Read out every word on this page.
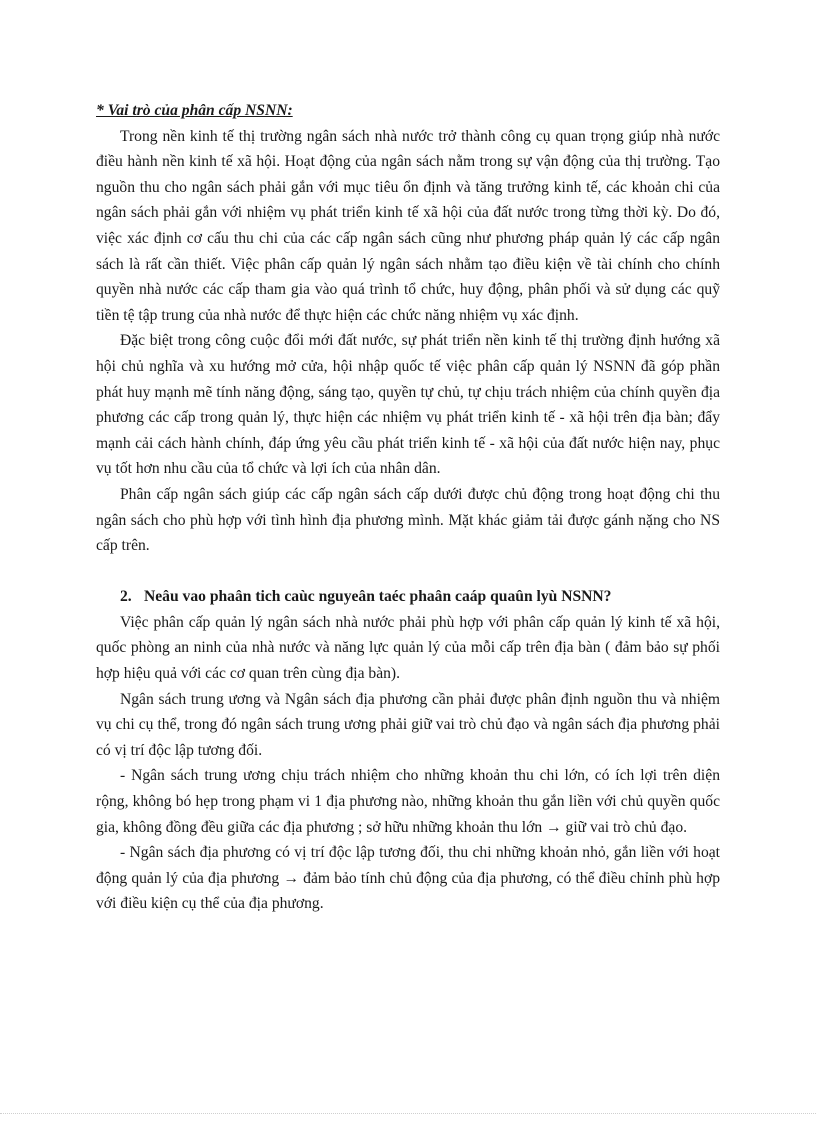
* Vai trò của phân cấp NSNN:

Trong nền kinh tế thị trường ngân sách nhà nước trở thành công cụ quan trọng giúp nhà nước điều hành nền kinh tế xã hội. Hoạt động của ngân sách nằm trong sự vận động của thị trường. Tạo nguồn thu cho ngân sách phải gắn với mục tiêu ổn định và tăng trưởng kinh tế, các khoản chi của ngân sách phải gắn với nhiệm vụ phát triển kinh tế xã hội của đất nước trong từng thời kỳ. Do đó, việc xác định cơ cấu thu chi của các cấp ngân sách cũng như phương pháp quản lý các cấp ngân sách là rất cần thiết. Việc phân cấp quản lý ngân sách nhằm tạo điều kiện về tài chính cho chính quyền nhà nước các cấp tham gia vào quá trình tổ chức, huy động, phân phối và sử dụng các quỹ tiền tệ tập trung của nhà nước để thực hiện các chức năng nhiệm vụ xác định.

Đặc biệt trong công cuộc đổi mới đất nước, sự phát triển nền kinh tế thị trường định hướng xã hội chủ nghĩa và xu hướng mở cửa, hội nhập quốc tế việc phân cấp quản lý NSNN đã góp phần phát huy mạnh mẽ tính năng động, sáng tạo, quyền tự chủ, tự chịu trách nhiệm của chính quyền địa phương các cấp trong quản lý, thực hiện các nhiệm vụ phát triển kinh tế - xã hội trên địa bàn; đẩy mạnh cải cách hành chính, đáp ứng yêu cầu phát triển kinh tế - xã hội của đất nước hiện nay, phục vụ tốt hơn nhu cầu của tổ chức và lợi ích của nhân dân.

Phân cấp ngân sách giúp các cấp ngân sách cấp dưới được chủ động trong hoạt động chi thu ngân sách cho phù hợp với tình hình địa phương mình. Mặt khác giảm tải được gánh nặng cho NS cấp trên.

2. Neâu vao phaân tich caùc nguyeân taéc phaân caáp quaûn lyù NSNN?

Việc phân cấp quản lý ngân sách nhà nước phải phù hợp với phân cấp quản lý kinh tế xã hội, quốc phòng an ninh của nhà nước và năng lực quản lý của mỗi cấp trên địa bàn ( đảm bảo sự phối hợp hiệu quả với các cơ quan trên cùng địa bàn).

Ngân sách trung ương và Ngân sách địa phương cần phải được phân định nguồn thu và nhiệm vụ chi cụ thể, trong đó ngân sách trung ương phải giữ vai trò chủ đạo và ngân sách địa phương phải có vị trí độc lập tương đối.

- Ngân sách trung ương chịu trách nhiệm cho những khoản thu chi lớn, có ích lợi trên diện rộng, không bó hẹp trong phạm vi 1 địa phương nào, những khoản thu gắn liền với chủ quyền quốc gia, không đồng đều giữa các địa phương ; sở hữu những khoản thu lớn → giữ vai trò chủ đạo.

- Ngân sách địa phương có vị trí độc lập tương đối, thu chi những khoản nhỏ, gắn liền với hoạt động quản lý của địa phương → đảm bảo tính chủ động của địa phương, có thể điều chỉnh phù hợp với điều kiện cụ thể của địa phương.
